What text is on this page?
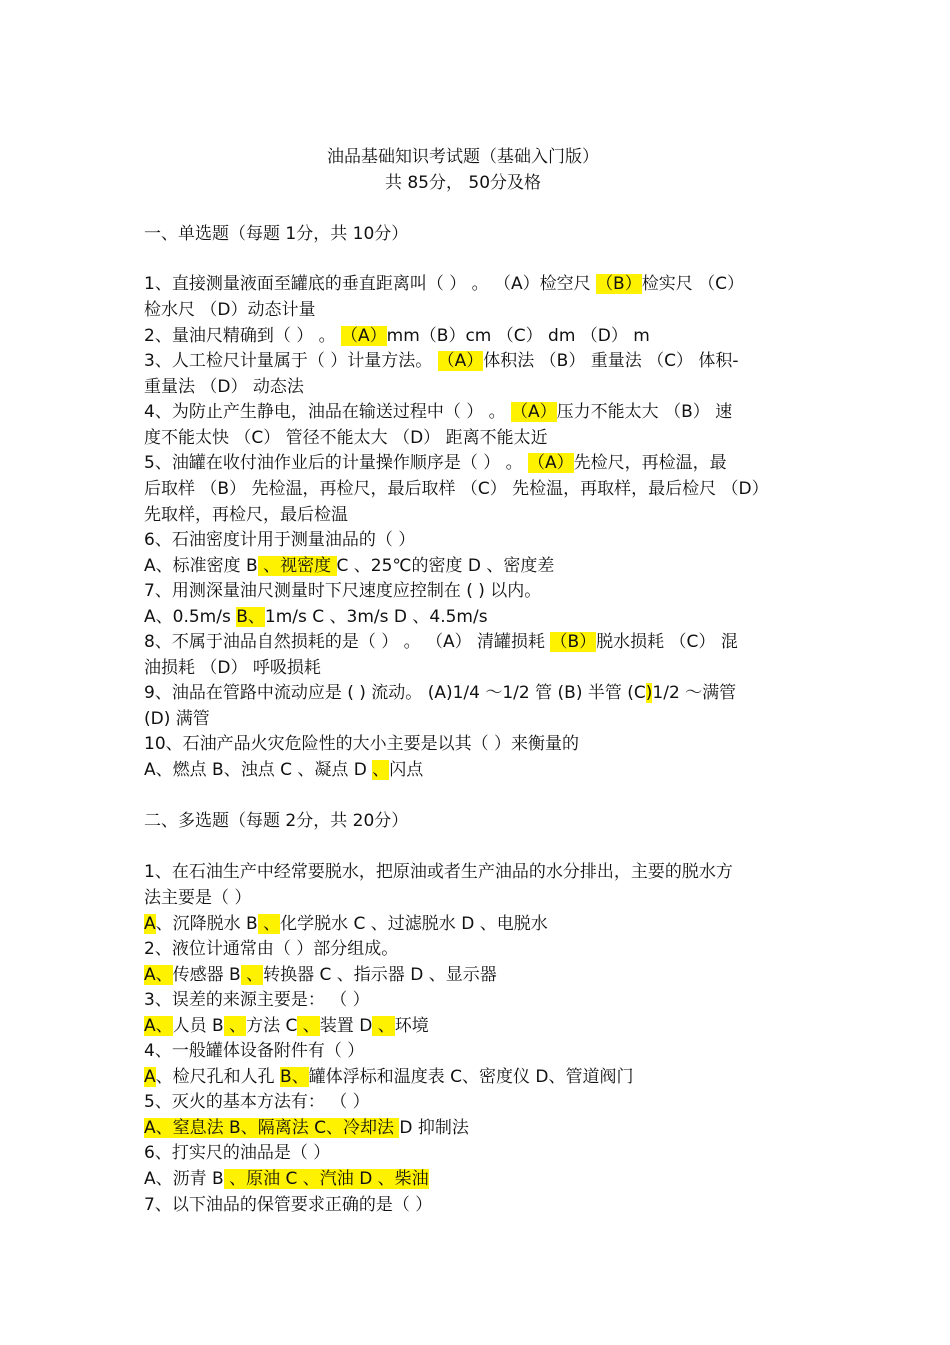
油品基础知识考试题（基础入门版）
共 85分， 50分及格
一、单选题（每题 1分，共 10分）
1、直接测量液面至罐底的垂直距离叫（ ） 。 （A）检空尺 （B）检实尺 （C）
检水尺 （D）动态计量
2、量油尺精确到（ ） 。 （A）mm（B）cm （C） dm （D） m
3、人工检尺计量属于（ ）计量方法。 （A）体积法 （B） 重量法 （C） 体积-
重量法 （D） 动态法
4、为防止产生静电，油品在输送过程中（ ） 。 （A）压力不能太大 （B） 速
度不能太快 （C） 管径不能太大 （D） 距离不能太近
5、油罐在收付油作业后的计量操作顺序是（ ） 。 （A）先检尺，再检温，最
后取样 （B） 先检温，再检尺，最后取样 （C） 先检温，再取样，最后检尺 （D）
先取样，再检尺，最后检温
6、石油密度计用于测量油品的（ ）
A、标准密度 B 、视密度 C 、25℃的密度 D 、密度差
7、用测深量油尺测量时下尺速度应控制在 ( ) 以内。
A、0.5m/s B、1m/s C 、3m/s D 、4.5m/s
8、不属于油品自然损耗的是（ ） 。 （A） 清罐损耗 （B）脱水损耗 （C） 混
油损耗 （D） 呼吸损耗
9、油品在管路中流动应是 ( ) 流动。 (A)1/4 ～1/2 管 (B) 半管 (C)1/2 ～满管
(D) 满管
10、石油产品火灾危险性的大小主要是以其（ ）来衡量的
A、燃点 B、浊点 C 、凝点 D 、闪点
二、多选题（每题 2分，共 20分）
1、在石油生产中经常要脱水，把原油或者生产油品的水分排出，主要的脱水方
法主要是（ ）
A、沉降脱水 B 、化学脱水 C 、过滤脱水 D 、电脱水
2、液位计通常由（ ）部分组成。
A、传感器 B 、转换器 C 、指示器 D 、显示器
3、误差的来源主要是： （ ）
A、人员 B 、方法 C 、装置 D 、环境
4、一般罐体设备附件有（ ）
A、检尺孔和人孔 B、罐体浮标和温度表 C、密度仪 D、管道阀门
5、灭火的基本方法有： （ ）
A、窒息法 B、隔离法 C、冷却法 D 抑制法
6、打实尺的油品是（ ）
A、沥青 B 、原油 C 、汽油 D 、柴油
7、以下油品的保管要求正确的是（ ）
